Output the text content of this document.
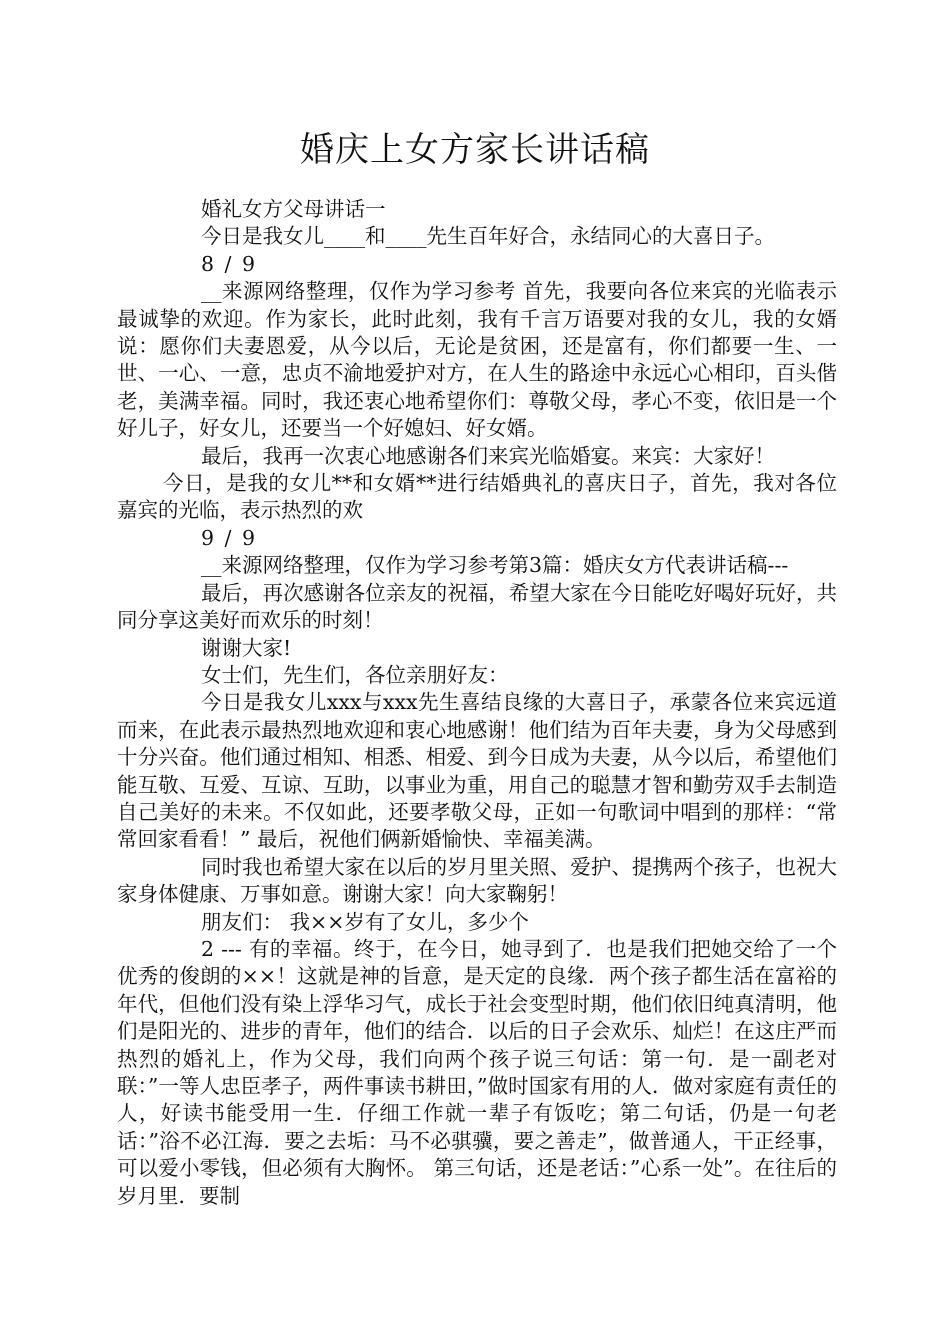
婚庆上女方家长讲话稿

婚礼女方父母讲话一

今日是我女儿____和____先生百年好合，永结同心的大喜日子。

8 / 9

__来源网络整理，仅作为学习参考 首先，我要向各位来宾的光临表示最诚挚的欢迎。作为家长，此时此刻，我有千言万语要对我的女儿，我的女婿说：愿你们夫妻恩爱，从今以后，无论是贫困，还是富有，你们都要一生、一世、一心、一意，忠贞不渝地爱护对方，在人生的路途中永远心心相印，百头偕老，美满幸福。同时，我还衷心地希望你们：尊敬父母，孝心不变，依旧是一个好儿子，好女儿，还要当一个好媳妇、好女婿。

最后，我再一次衷心地感谢各们来宾光临婚宴。来宾：大家好！

今日，是我的女儿**和女婿**进行结婚典礼的喜庆日子，首先，我对各位嘉宾的光临，表示热烈的欢

9 / 9

__来源网络整理，仅作为学习参考第3篇：婚庆女方代表讲话稿---

最后，再次感谢各位亲友的祝福，希望大家在今日能吃好喝好玩好，共同分享这美好而欢乐的时刻！

谢谢大家!

女士们，先生们，各位亲朋好友：

今日是我女儿xxx与xxx先生喜结良缘的大喜日子，承蒙各位来宾远道而来，在此表示最热烈地欢迎和衷心地感谢！他们结为百年夫妻，身为父母感到十分兴奋。他们通过相知、相悉、相爱、到今日成为夫妻，从今以后，希望他们能互敬、互爱、互谅、互助，以事业为重，用自己的聪慧才智和勤劳双手去制造自己美好的未来。不仅如此，还要孝敬父母，正如一句歌词中唱到的那样：“常常回家看看！” 最后，祝他们俩新婚愉快、幸福美满。

同时我也希望大家在以后的岁月里关照、爱护、提携两个孩子，也祝大家身体健康、万事如意。谢谢大家！向大家鞠躬！

朋友们： 我××岁有了女儿，多少个

2 --- 有的幸福。终于，在今日，她寻到了．也是我们把她交给了一个优秀的俊朗的××！这就是神的旨意，是天定的良缘．两个孩子都生活在富裕的年代，但他们没有染上浮华习气，成长于社会变型时期，他们依旧纯真清明，他们是阳光的、进步的青年，他们的结合．以后的日子会欢乐、灿烂！在这庄严而热烈的婚礼上，作为父母，我们向两个孩子说三句话：第一句．是一副老对联：”一等人忠臣孝子，两件事读书耕田，”做时国家有用的人．做对家庭有责任的人，好读书能受用一生．仔细工作就一辈子有饭吃；第二句话，仍是一句老话：”浴不必江海．要之去垢：马不必骐骥，要之善走”，做普通人，干正经事，可以爱小零钱，但必须有大胸怀。 第三句话，还是老话：”心系一处”。在往后的岁月里．要制
